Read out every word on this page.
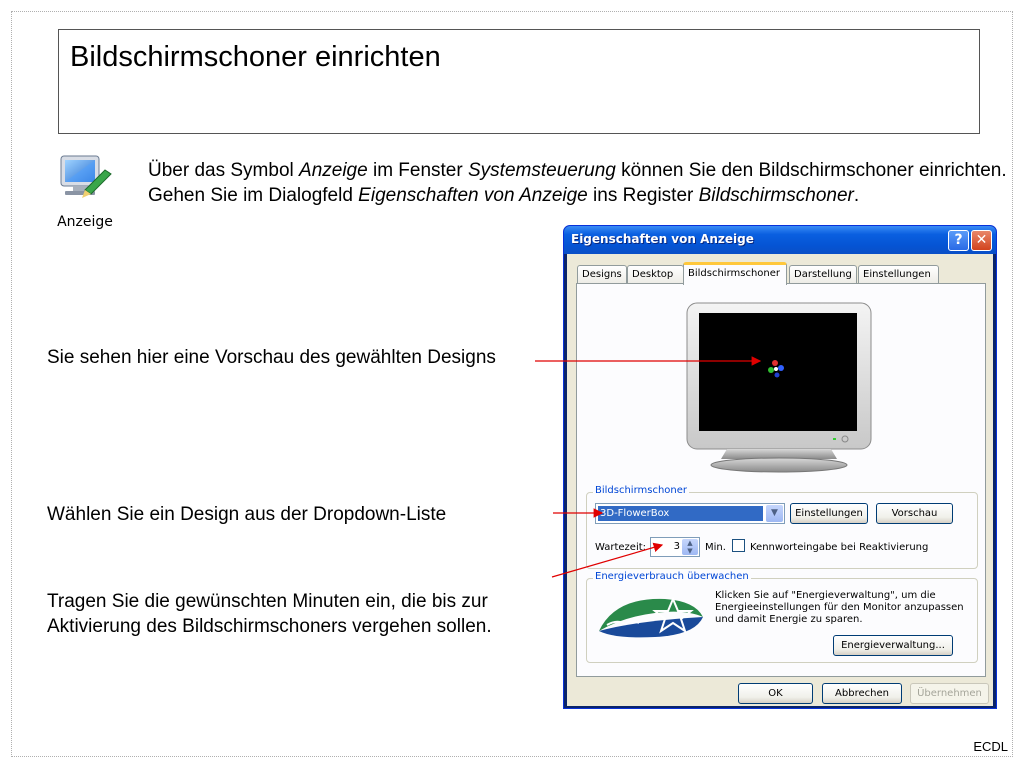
Bildschirmschoner einrichten
Anzeige

Über das Symbol Anzeige im Fenster Systemsteuerung können Sie den Bildschirmschoner einrichten. Gehen Sie im Dialogfeld Eigenschaften von Anzeige ins Register Bildschirmschoner.

Sie sehen hier eine Vorschau des gewählten Designs
Wählen Sie ein Design aus der Dropdown-Liste
Tragen Sie die gewünschten Minuten ein, die bis zur Aktivierung des Bildschirmschoners vergehen sollen.
Eigenschaften von Anzeige	? ✕
Designs	Desktop	Bildschirmschoner	Darstellung	Einstellungen
Bildschirmschoner
3D-FlowerBox	▼	Einstellungen	Vorschau
Wartezeit:	3	▲
▼	Min. Kennworteingabe bei Reaktivierung
Energieverbrauch überwachen
Klicken Sie auf "Energieverwaltung", um die Energieeinstellungen für den Monitor anzupassen und damit Energie zu sparen.
Energieverwaltung...
OK	Abbrechen	Übernehmen
ECDL
